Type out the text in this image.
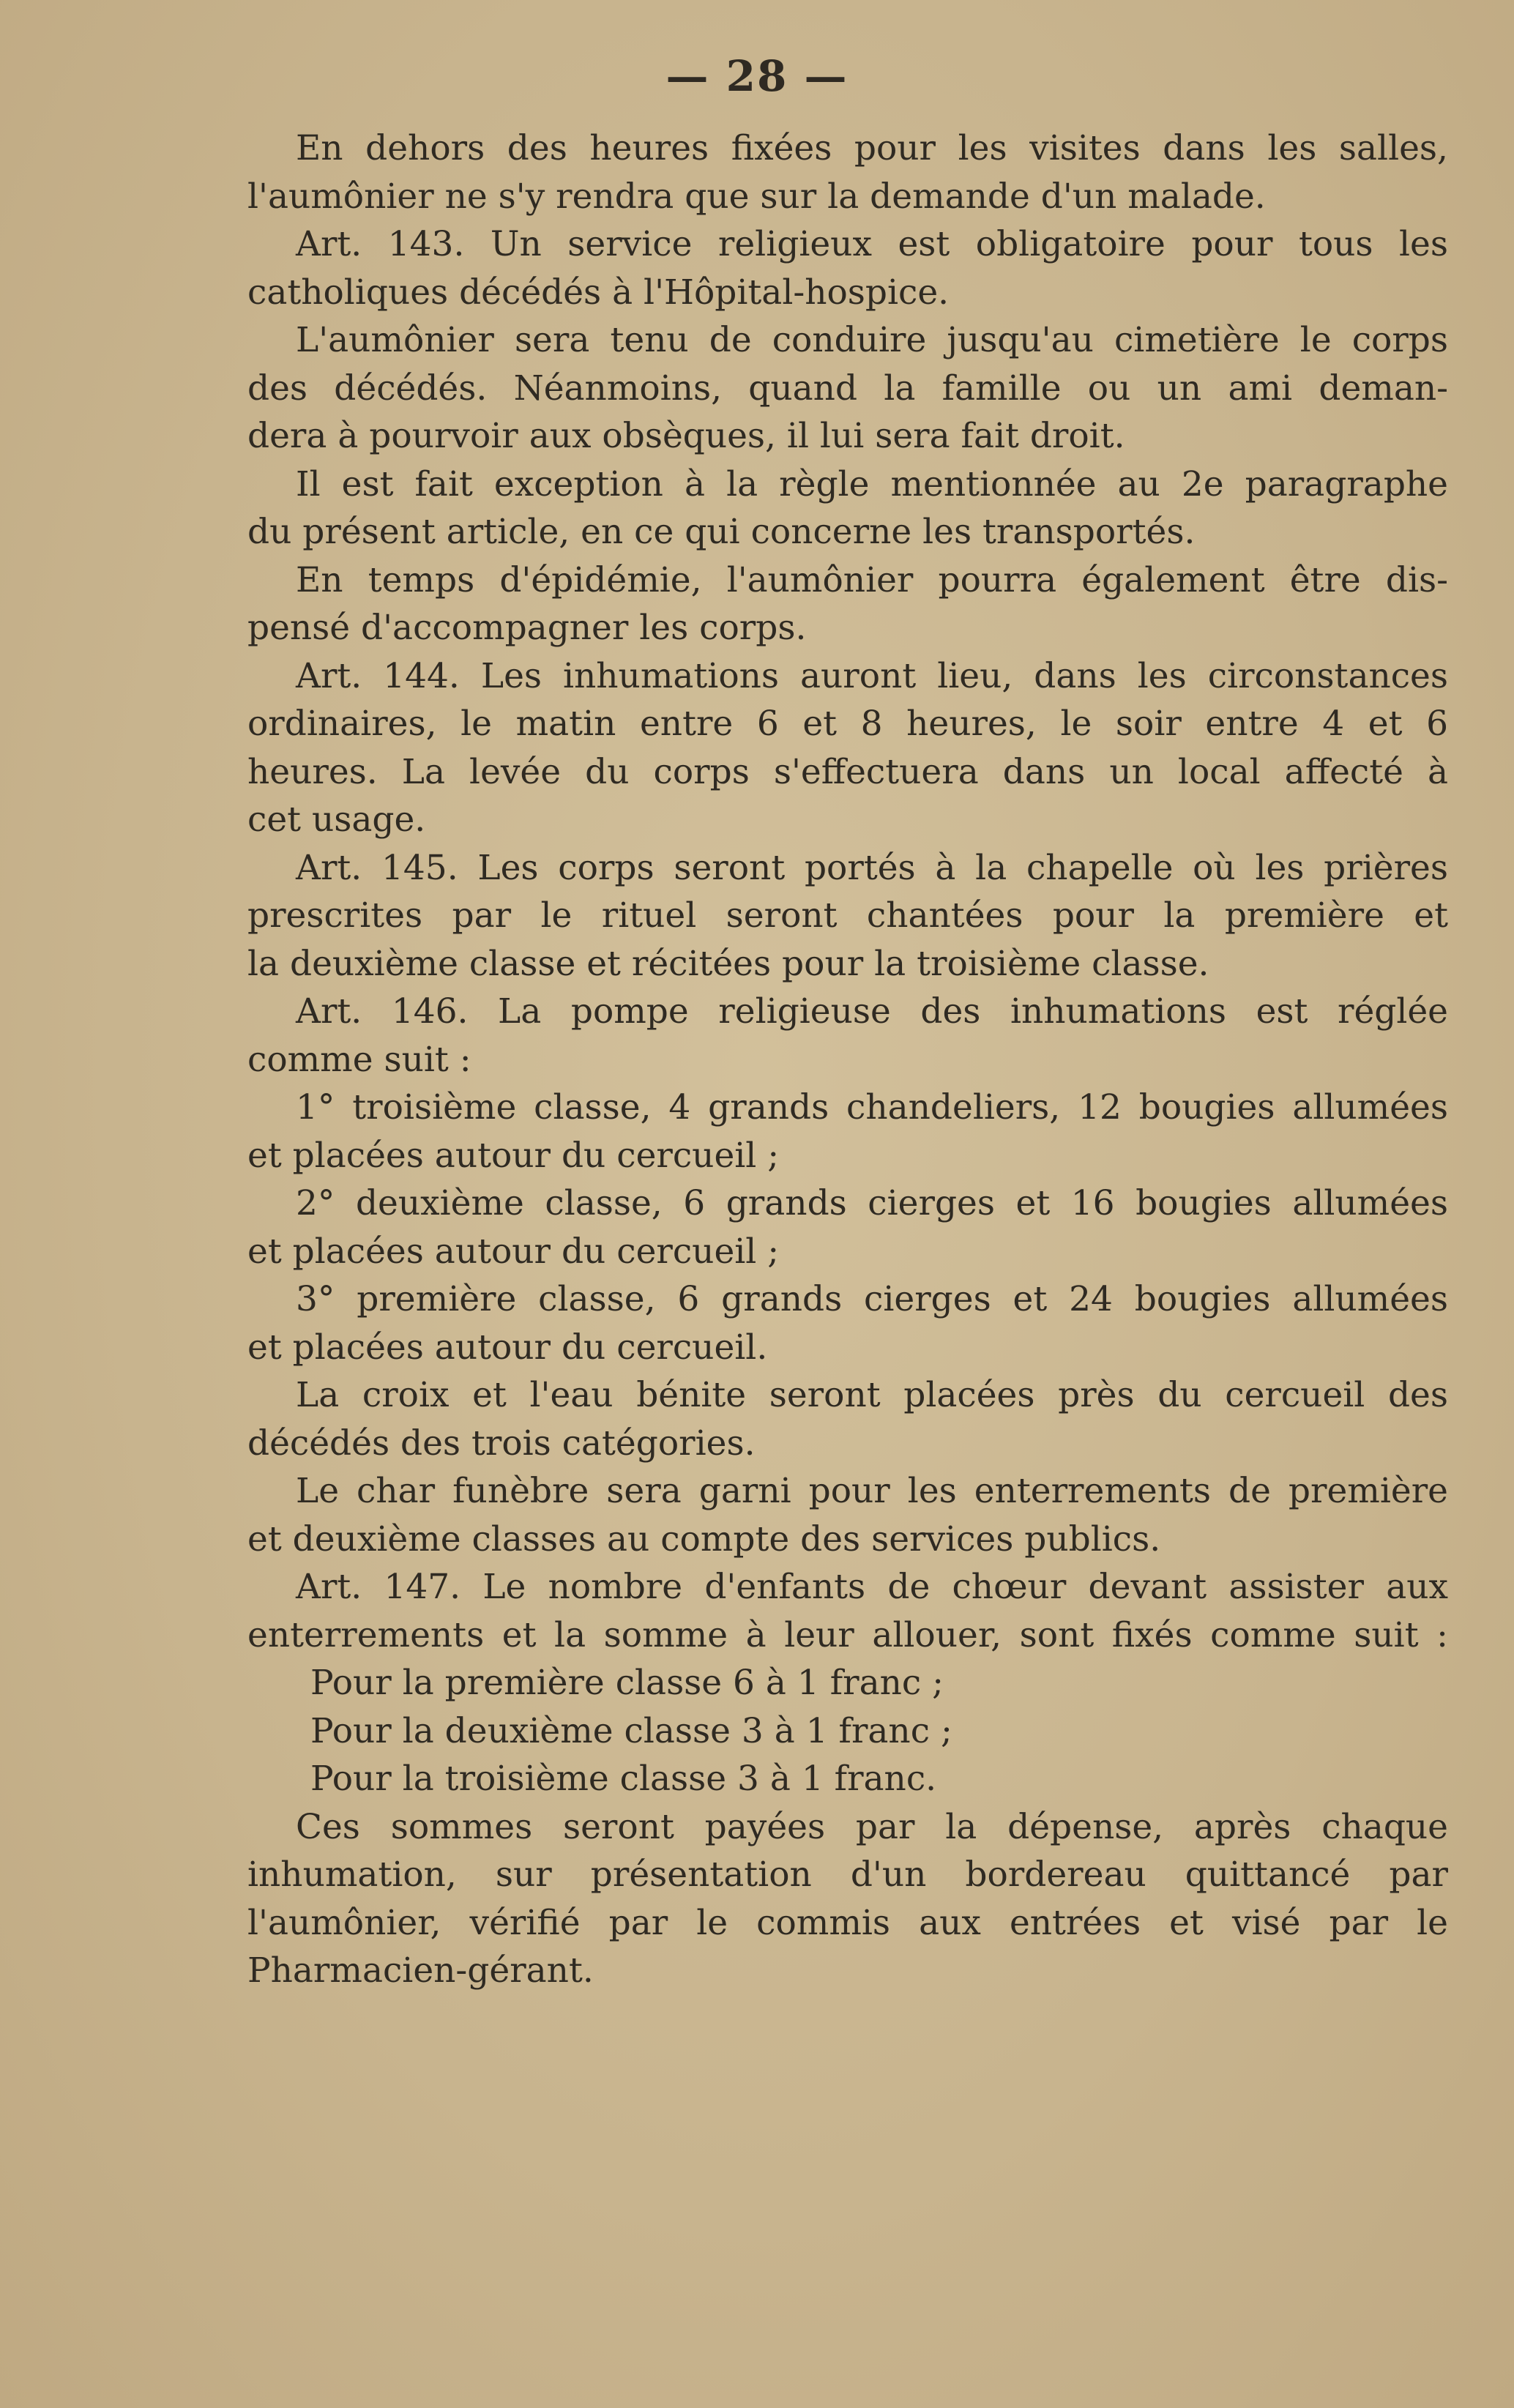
— 28 —
En dehors des heures fixées pour les visites dans les salles,
l'aumônier ne s'y rendra que sur la demande d'un malade.
Art. 143. Un service religieux est obligatoire pour tous les
catholiques décédés à l'Hôpital-hospice.
L'aumônier sera tenu de conduire jusqu'au cimetière le corps
des décédés. Néanmoins, quand la famille ou un ami deman-
dera à pourvoir aux obsèques, il lui sera fait droit.
Il est fait exception à la règle mentionnée au 2e paragraphe
du présent article, en ce qui concerne les transportés.
En temps d'épidémie, l'aumônier pourra également être dis-
pensé d'accompagner les corps.
Art. 144. Les inhumations auront lieu, dans les circonstances
ordinaires, le matin entre 6 et 8 heures, le soir entre 4 et 6
heures. La levée du corps s'effectuera dans un local affecté à
cet usage.
Art. 145. Les corps seront portés à la chapelle où les prières
prescrites par le rituel seront chantées pour la première et
la deuxième classe et récitées pour la troisième classe.
Art. 146. La pompe religieuse des inhumations est réglée
comme suit :
1° troisième classe, 4 grands chandeliers, 12 bougies allumées
et placées autour du cercueil ;
2° deuxième classe, 6 grands cierges et 16 bougies allumées
et placées autour du cercueil ;
3° première classe, 6 grands cierges et 24 bougies allumées
et placées autour du cercueil.
La croix et l'eau bénite seront placées près du cercueil des
décédés des trois catégories.
Le char funèbre sera garni pour les enterrements de première
et deuxième classes au compte des services publics.
Art. 147. Le nombre d'enfants de chœur devant assister aux
enterrements et la somme à leur allouer, sont fixés comme suit :
Pour la première classe 6 à 1 franc ;
Pour la deuxième classe 3 à 1 franc ;
Pour la troisième classe 3 à 1 franc.
Ces sommes seront payées par la dépense, après chaque
inhumation, sur présentation d'un bordereau quittancé par
l'aumônier, vérifié par le commis aux entrées et visé par le
Pharmacien-gérant.
